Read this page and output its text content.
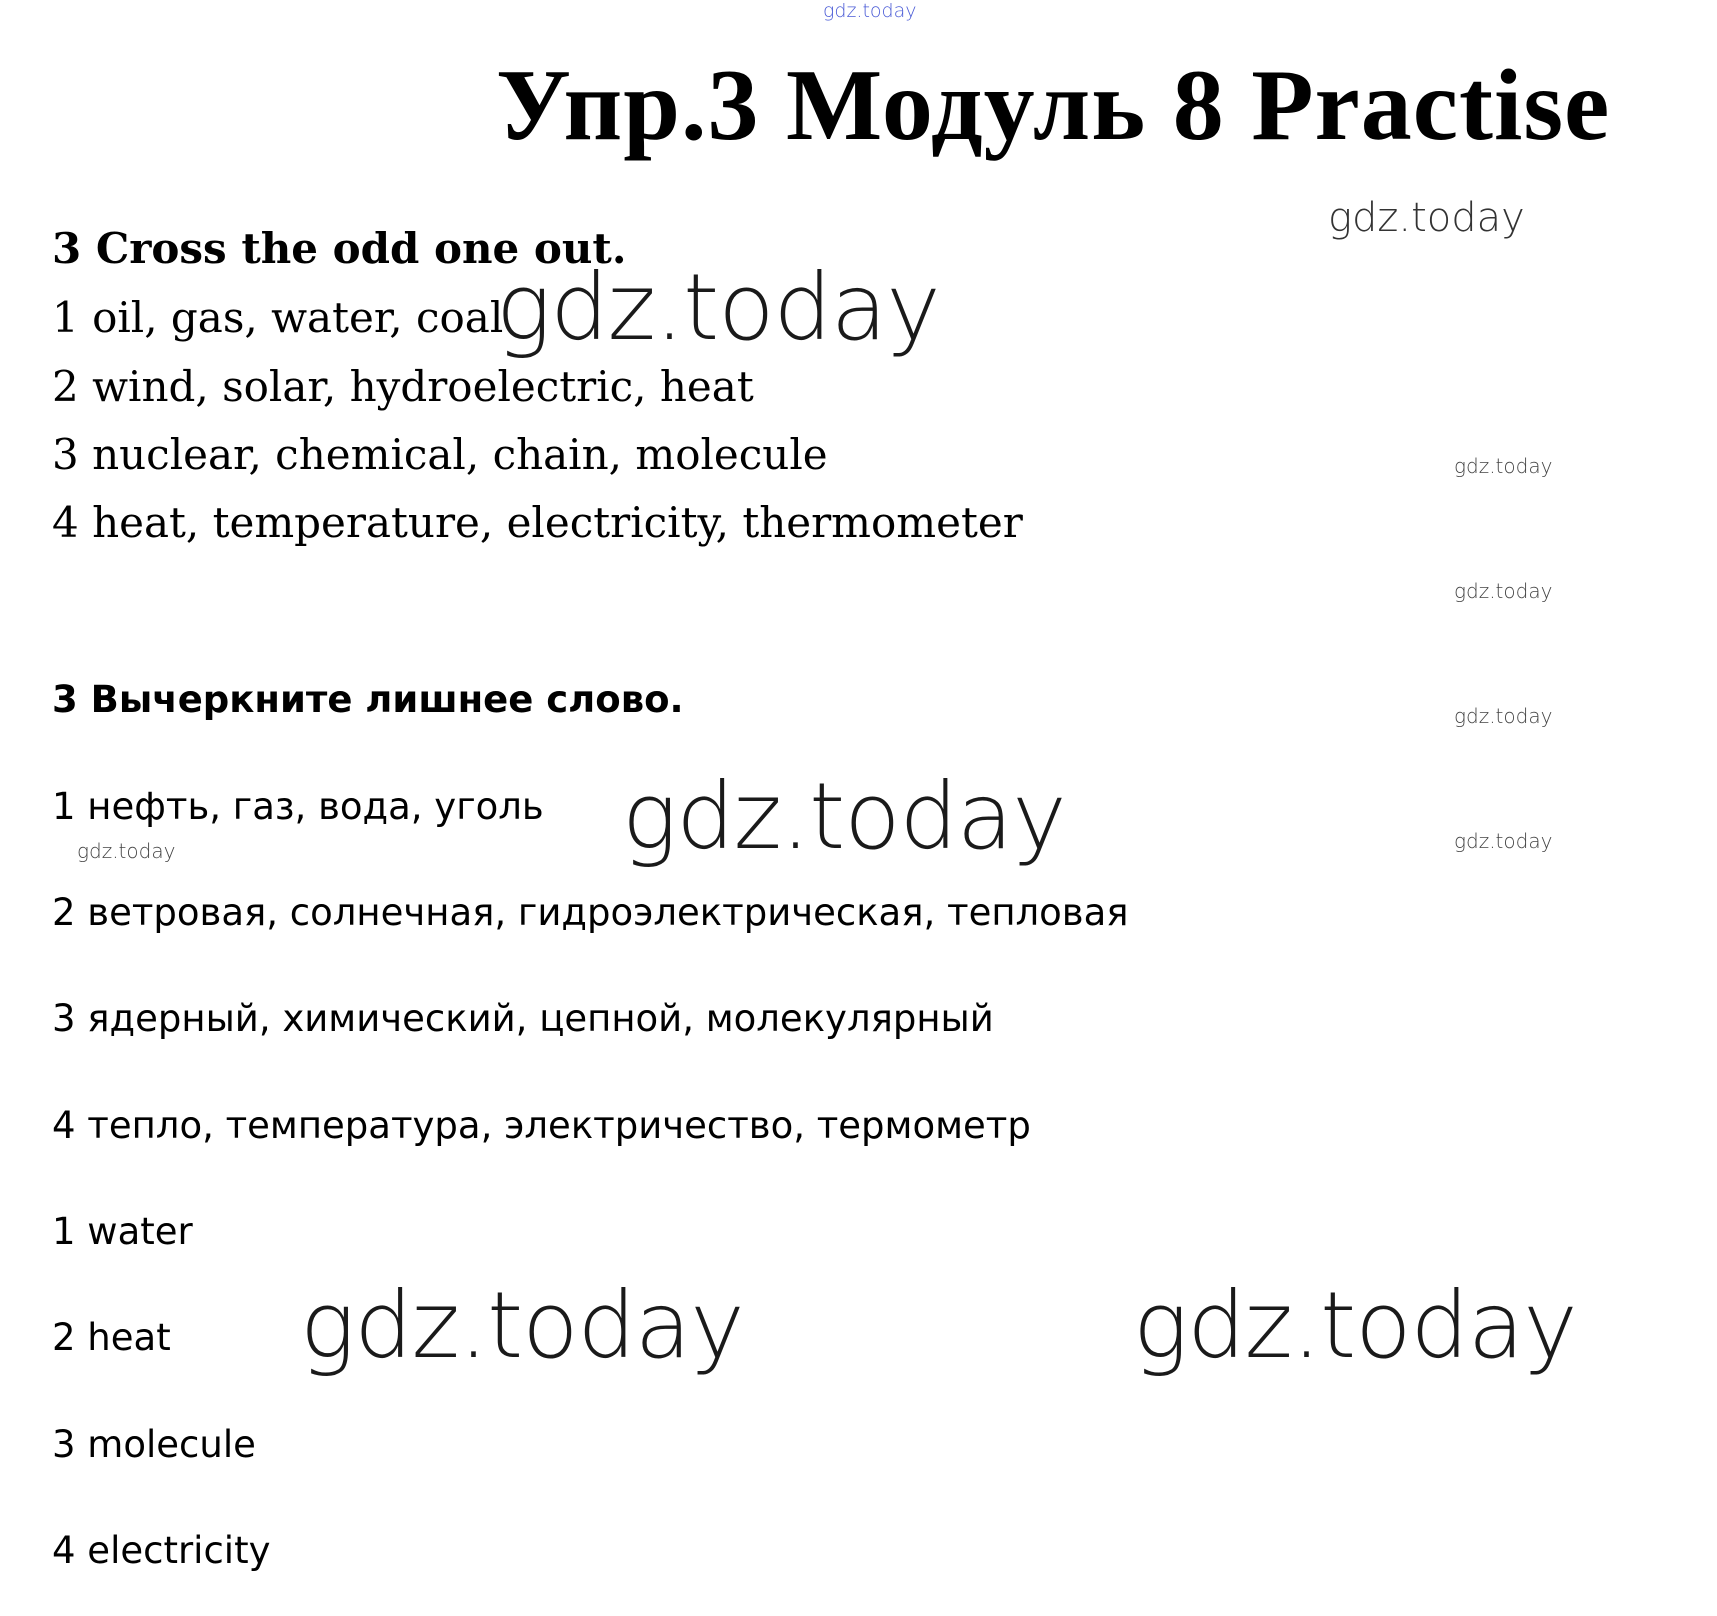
gdz.today
Упр.3 Модуль 8 Practise
gdz.today
3 Cross the odd one out.
1 oil, gas, water, coal
2 wind, solar, hydroelectric, heat
3 nuclear, chemical, chain, molecule
4 heat, temperature, electricity, thermometer
gdz.today
gdz.today
gdz.today
gdz.today
gdz.today
3 Вычеркните лишнее слово.
1 нефть, газ, вода, уголь
gdz.today	gdz.today
2 ветровая, солнечная, гидроэлектрическая, тепловая
3 ядерный, химический, цепной, молекулярный
4 тепло, температура, электричество, термометр
1 water
2 heat gdz.today	gdz.today
3 molecule
4 electricity
